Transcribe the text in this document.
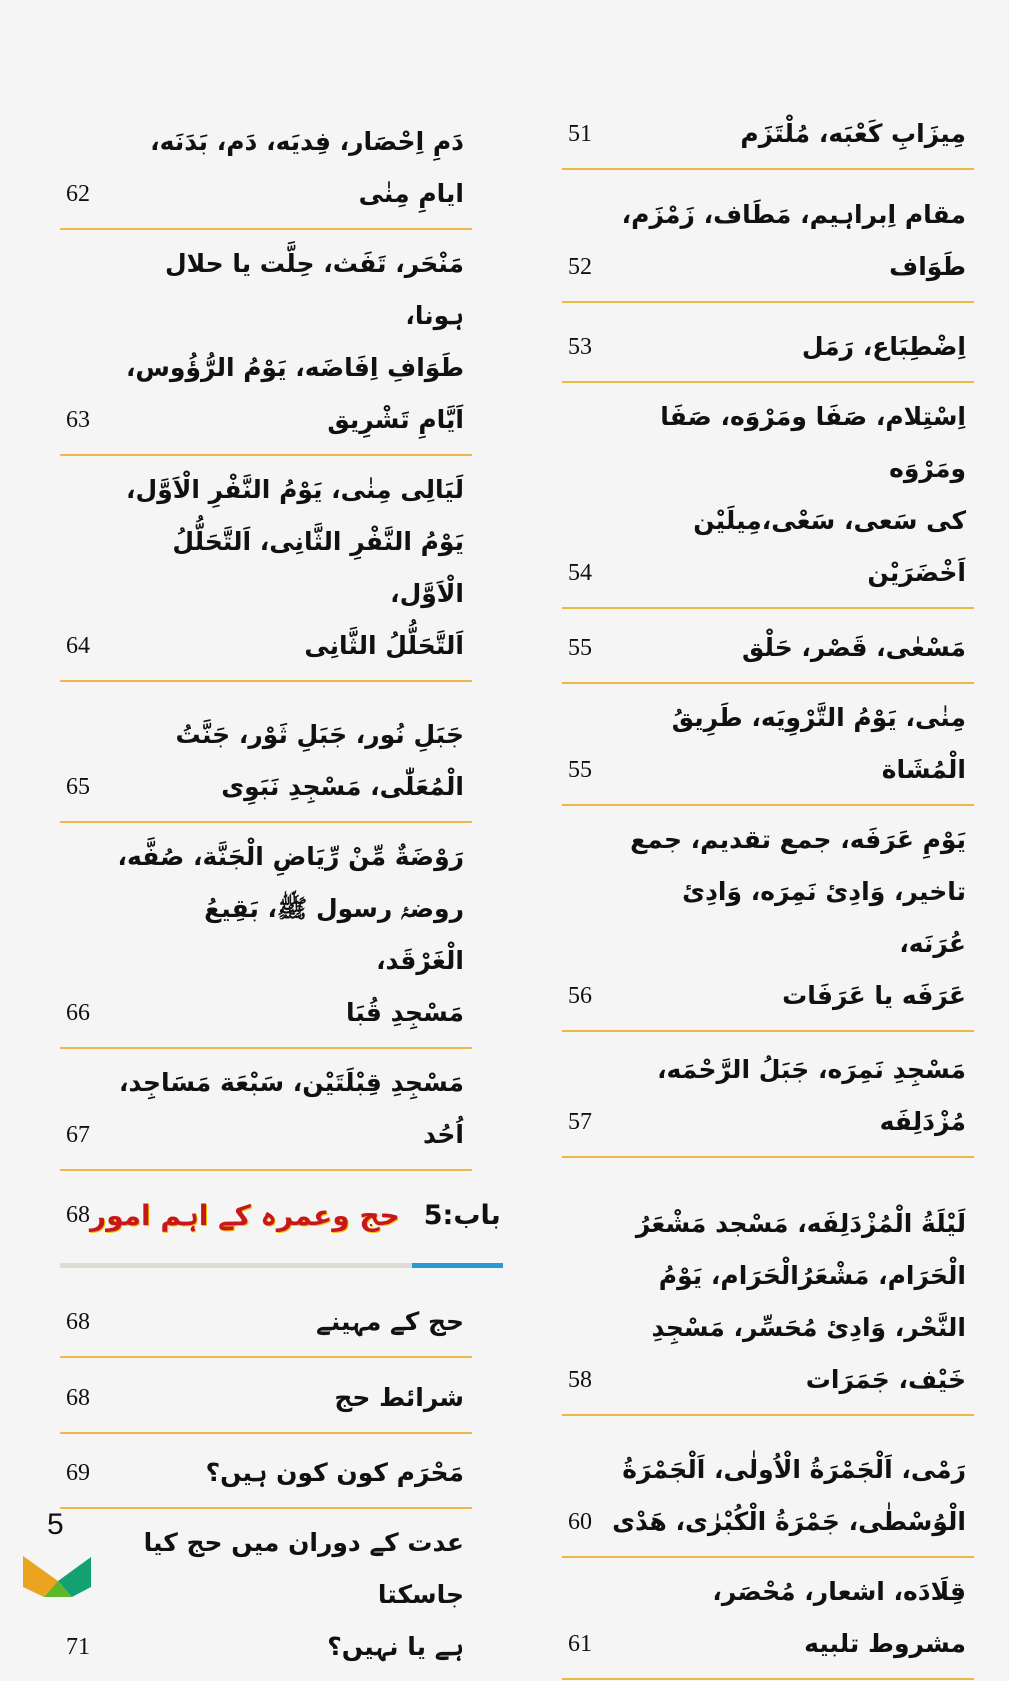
مِیزَابِ کَعْبَه، مُلْتَزَم
51
مقام اِبراہیم، مَطَاف، زَمْزَم،
طَوَاف
52
اِضْطِبَاع، رَمَل
53
اِسْتِلام، صَفَا ومَرْوَه، صَفَا ومَرْوَه
کی سَعی، سَعْی،مِیلَیْن اَخْضَرَیْن
54
مَسْعٰی، قَصْر، حَلْق
55
مِنٰی، یَوْمُ التَّرْوِیَه، طَرِیقُ الْمُشَاة
55
یَوْمِ عَرَفَه، جمع تقدیم، جمع
تاخیر، وَادِئ نَمِرَه، وَادِئ عُرَنَه،
عَرَفَه یا عَرَفَات
56
مَسْجِدِ نَمِرَه، جَبَلُ الرَّحْمَه،
مُزْدَلِفَه
57
لَیْلَةُ الْمُزْدَلِفَه، مَسْجد مَشْعَرُ
الْحَرَام، مَشْعَرُالْحَرَام، یَوْمُ
النَّحْر، وَادِئ مُحَسِّر، مَسْجِدِ
خَیْف، جَمَرَات
58
رَمْی، اَلْجَمْرَةُ الْاُولٰی، اَلْجَمْرَةُ
الْوُسْطٰی، جَمْرَةُ الْکُبْرٰی، هَدْی
60
قِلَادَه، اشعار، مُحْصَر، مشروط تلبیه
61
دَمِ اِحْصَار، فِدیَه، دَم، بَدَنَه،
ایامِ مِنٰی
62
مَنْحَر، تَفَث، حِلَّت یا حلال ہونا،
طَوَافِ اِفَاضَه، یَوْمُ الرُّؤُوس،
اَیَّامِ تَشْرِیق
63
لَیَالِی مِنٰی، یَوْمُ النَّفْرِ الْاَوَّل،
یَوْمُ النَّفْرِ الثَّانِی، اَلتَّحَلُّلُ الْاَوَّل،
اَلتَّحَلُّلُ الثَّانِی
64
جَبَلِ نُور، جَبَلِ ثَوْر، جَنَّتُ
الْمُعَلّٰی، مَسْجِدِ نَبَوِی
65
رَوْضَةٌ مِّنْ رِّیَاضِ الْجَنَّة، صُفَّه،
روضۂ رسول ﷺ، بَقِیعُ الْغَرْقَد،
مَسْجِدِ قُبَا
66
مَسْجِدِ قِبْلَتَیْن، سَبْعَة مَسَاجِد،
اُحُد
67
68	باب:5
حج وعمرہ کے اہم امور
حج کے مہینے
68
شرائط حج
68
مَحْرَم کون کون ہیں؟
69
عدت کے دوران میں حج کیا جاسکتا
ہے یا نہیں؟
71
5
